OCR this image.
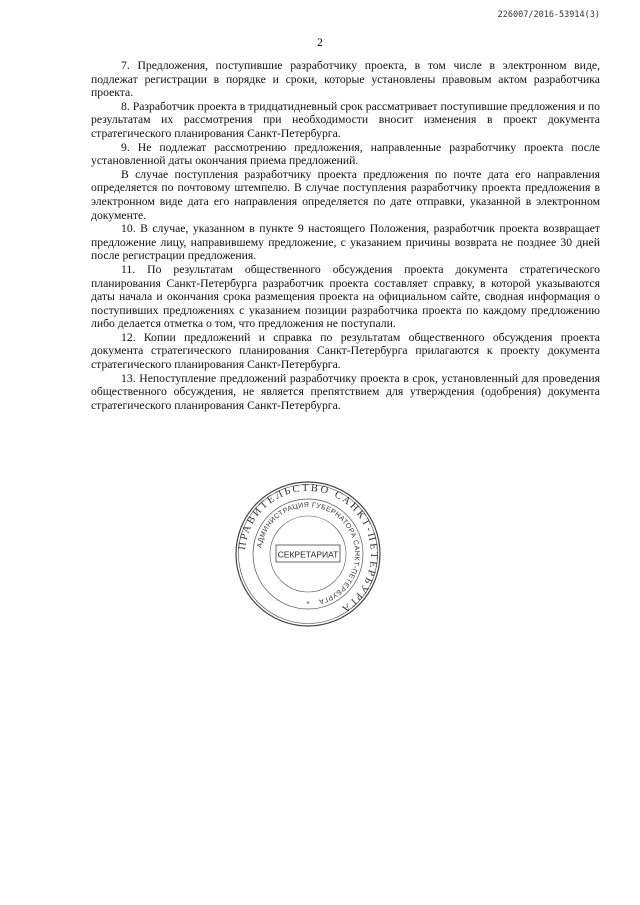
226007/2016-53914(3)
2

7. Предложения, поступившие разработчику проекта, в том числе в электронном виде, подлежат регистрации в порядке и сроки, которые установлены правовым актом разработчика проекта.

8. Разработчик проекта в тридцатидневный срок рассматривает поступившие предложения и по результатам их рассмотрения при необходимости вносит изменения в проект документа стратегического планирования Санкт-Петербурга.

9. Не подлежат рассмотрению предложения, направленные разработчику проекта после установленной даты окончания приема предложений.

В случае поступления разработчику проекта предложения по почте дата его направления определяется по почтовому штемпелю. В случае поступления разработчику проекта предложения в электронном виде дата его направления определяется по дате отправки, указанной в электронном документе.

10. В случае, указанном в пункте 9 настоящего Положения, разработчик проекта возвращает предложение лицу, направившему предложение, с указанием причины возврата не позднее 30 дней после регистрации предложения.

11. По результатам общественного обсуждения проекта документа стратегического планирования Санкт-Петербурга разработчик проекта составляет справку, в которой указываются даты начала и окончания срока размещения проекта на официальном сайте, сводная информация о поступивших предложениях с указанием позиции разработчика проекта по каждому предложению либо делается отметка о том, что предложения не поступали.

12. Копии предложений и справка по результатам общественного обсуждения проекта документа стратегического планирования Санкт-Петербурга прилагаются к проекту документа стратегического планирования Санкт-Петербурга.

13. Непоступление предложений разработчику проекта в срок, установленный для проведения общественного обсуждения, не является препятствием для утверждения (одобрения) документа стратегического планирования Санкт-Петербурга.

ПРАВИТЕЛЬСТВО САНКТ-ПЕТЕРБУРГА
АДМИНИСТРАЦИЯ ГУБЕРНАТОРА САНКТ-ПЕТЕРБУРГА
СЕКРЕТАРИАТ
*
